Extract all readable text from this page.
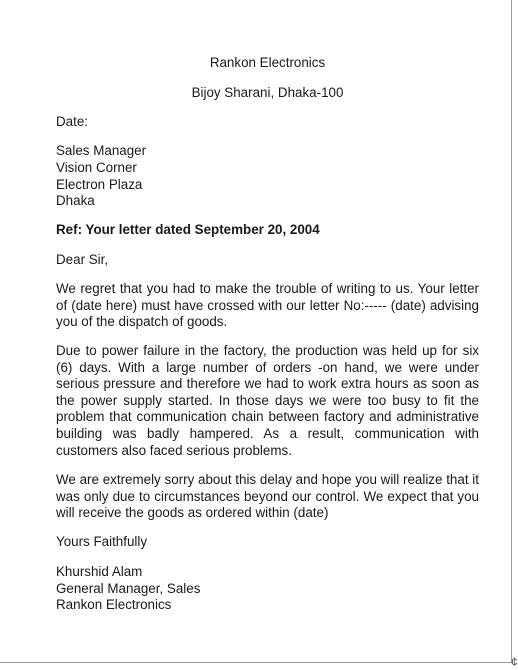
¢
Rankon Electronics
Bijoy Sharani, Dhaka-100
Date:
Sales Manager
Vision Corner
Electron Plaza
Dhaka
Ref: Your letter dated September 20, 2004
Dear Sir,
We regret that you had to make the trouble of writing to us. Your letter of (date here) must have crossed with our letter No:----- (date) advising you of the dispatch of goods.
Due to power failure in the factory, the production was held up for six (6) days. With a large number of orders -on hand, we were under serious pressure and therefore we had to work extra hours as soon as the power supply started. In those days we were too busy to fit the problem that communication chain between factory and administrative building was badly hampered. As a result, communication with customers also faced serious problems.
We are extremely sorry about this delay and hope you will realize that it was only due to circumstances beyond our control. We expect that you will receive the goods as ordered within (date)
Yours Faithfully
Khurshid Alam
General Manager, Sales
Rankon Electronics
